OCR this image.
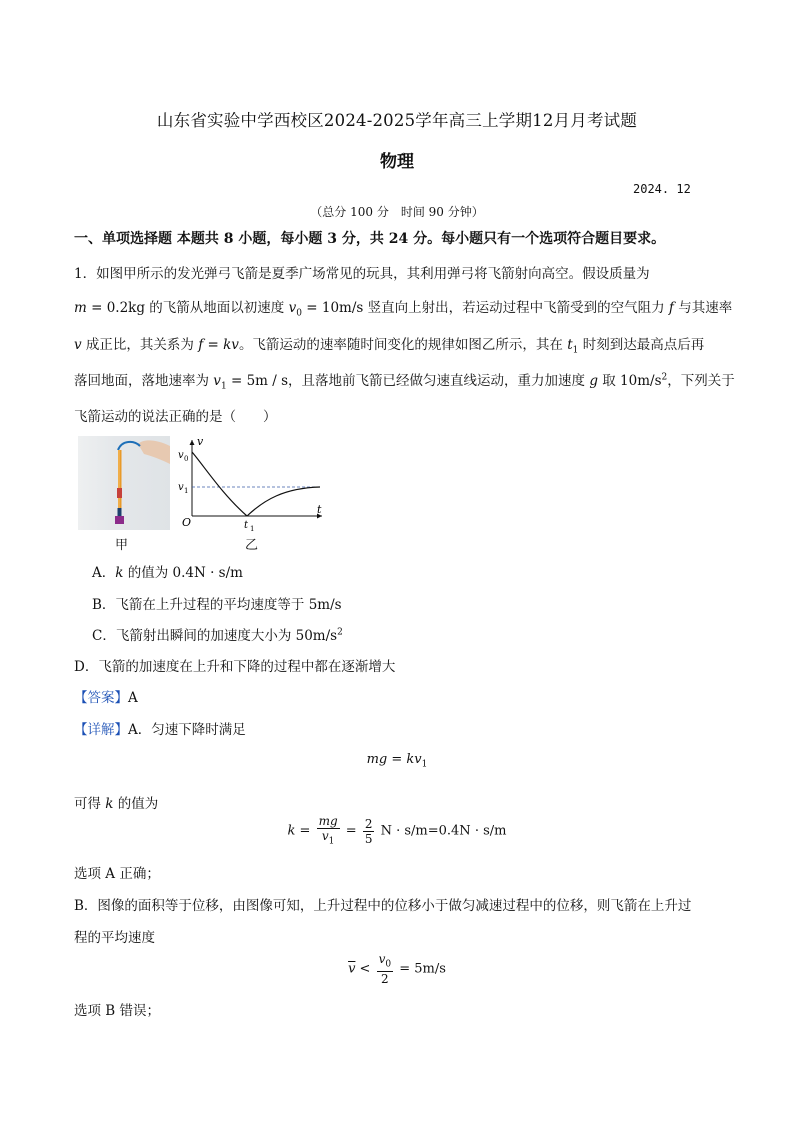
山东省实验中学西校区2024-2025学年高三上学期12月月考试题
物理
2024. 12
（总分 100 分　时间 90 分钟）
一、单项选择题 本题共 8 小题，每小题 3 分，共 24 分。每小题只有一个选项符合题目要求。
1．如图甲所示的发光弹弓飞箭是夏季广场常见的玩具，其利用弹弓将飞箭射向高空。假设质量为
m = 0.2kg 的飞箭从地面以初速度 $v_0 = 10m/s$ 竖直向上射出，若运动过程中飞箭受到的空气阻力 f 与其速率
v 成正比，其关系为 f = kv。飞箭运动的速率随时间变化的规律如图乙所示，其在 $t_1$ 时刻到达最高点后再
落回地面，落地速率为 $v_1 = 5m / s$，且落地前飞箭已经做匀速直线运动，重力加速度 g 取 $10m/s^2$，下列关于
飞箭运动的说法正确的是（　　）
甲
v
t
O
v 0
v 1
t 1
乙
A．k 的值为 0.4N · s/m
B．飞箭在上升过程的平均速度等于 5m/s
C．飞箭射出瞬间的加速度大小为 $50m/s^2$
D．飞箭的加速度在上升和下降的过程中都在逐渐增大
【答案】A
【详解】A．匀速下降时满足
mg = $kv_1$
可得 k 的值为
$k = \frac{mg}{v_1} = \frac{2}{5}$ N · s/m=0.4N · s/m
选项 A 正确；
B．图像的面积等于位移，由图像可知，上升过程中的位移小于做匀减速过程中的位移，则飞箭在上升过
程的平均速度
$\overline{v} < \frac{v_0}{2} = 5m/s$
选项 B 错误；
